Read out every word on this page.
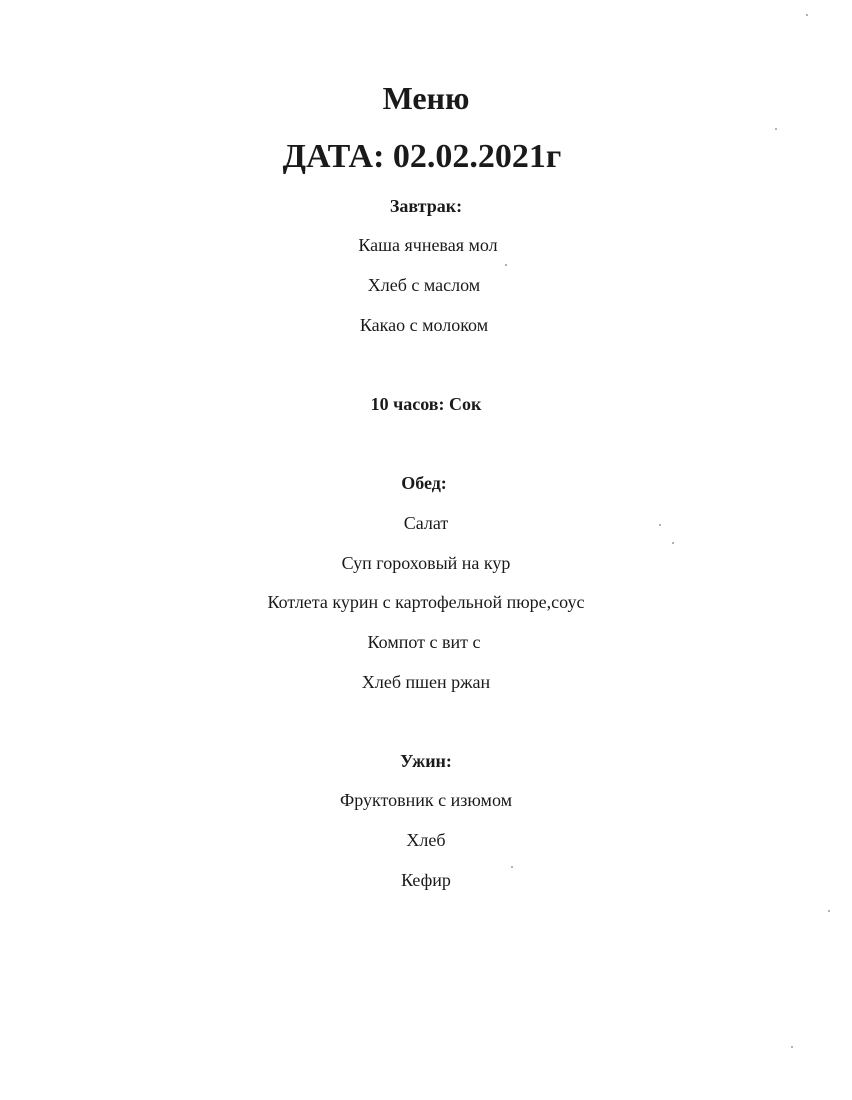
Меню
ДАТА: 02.02.2021г
Завтрак:
Каша ячневая мол
Хлеб с маслом
Какао с молоком
10 часов: Сок
Обед:
Салат
Суп гороховый на кур
Котлета курин с картофельной пюре,соус
Компот с вит с
Хлеб пшен ржан
Ужин:
Фруктовник с изюмом
Хлеб
Кефир
